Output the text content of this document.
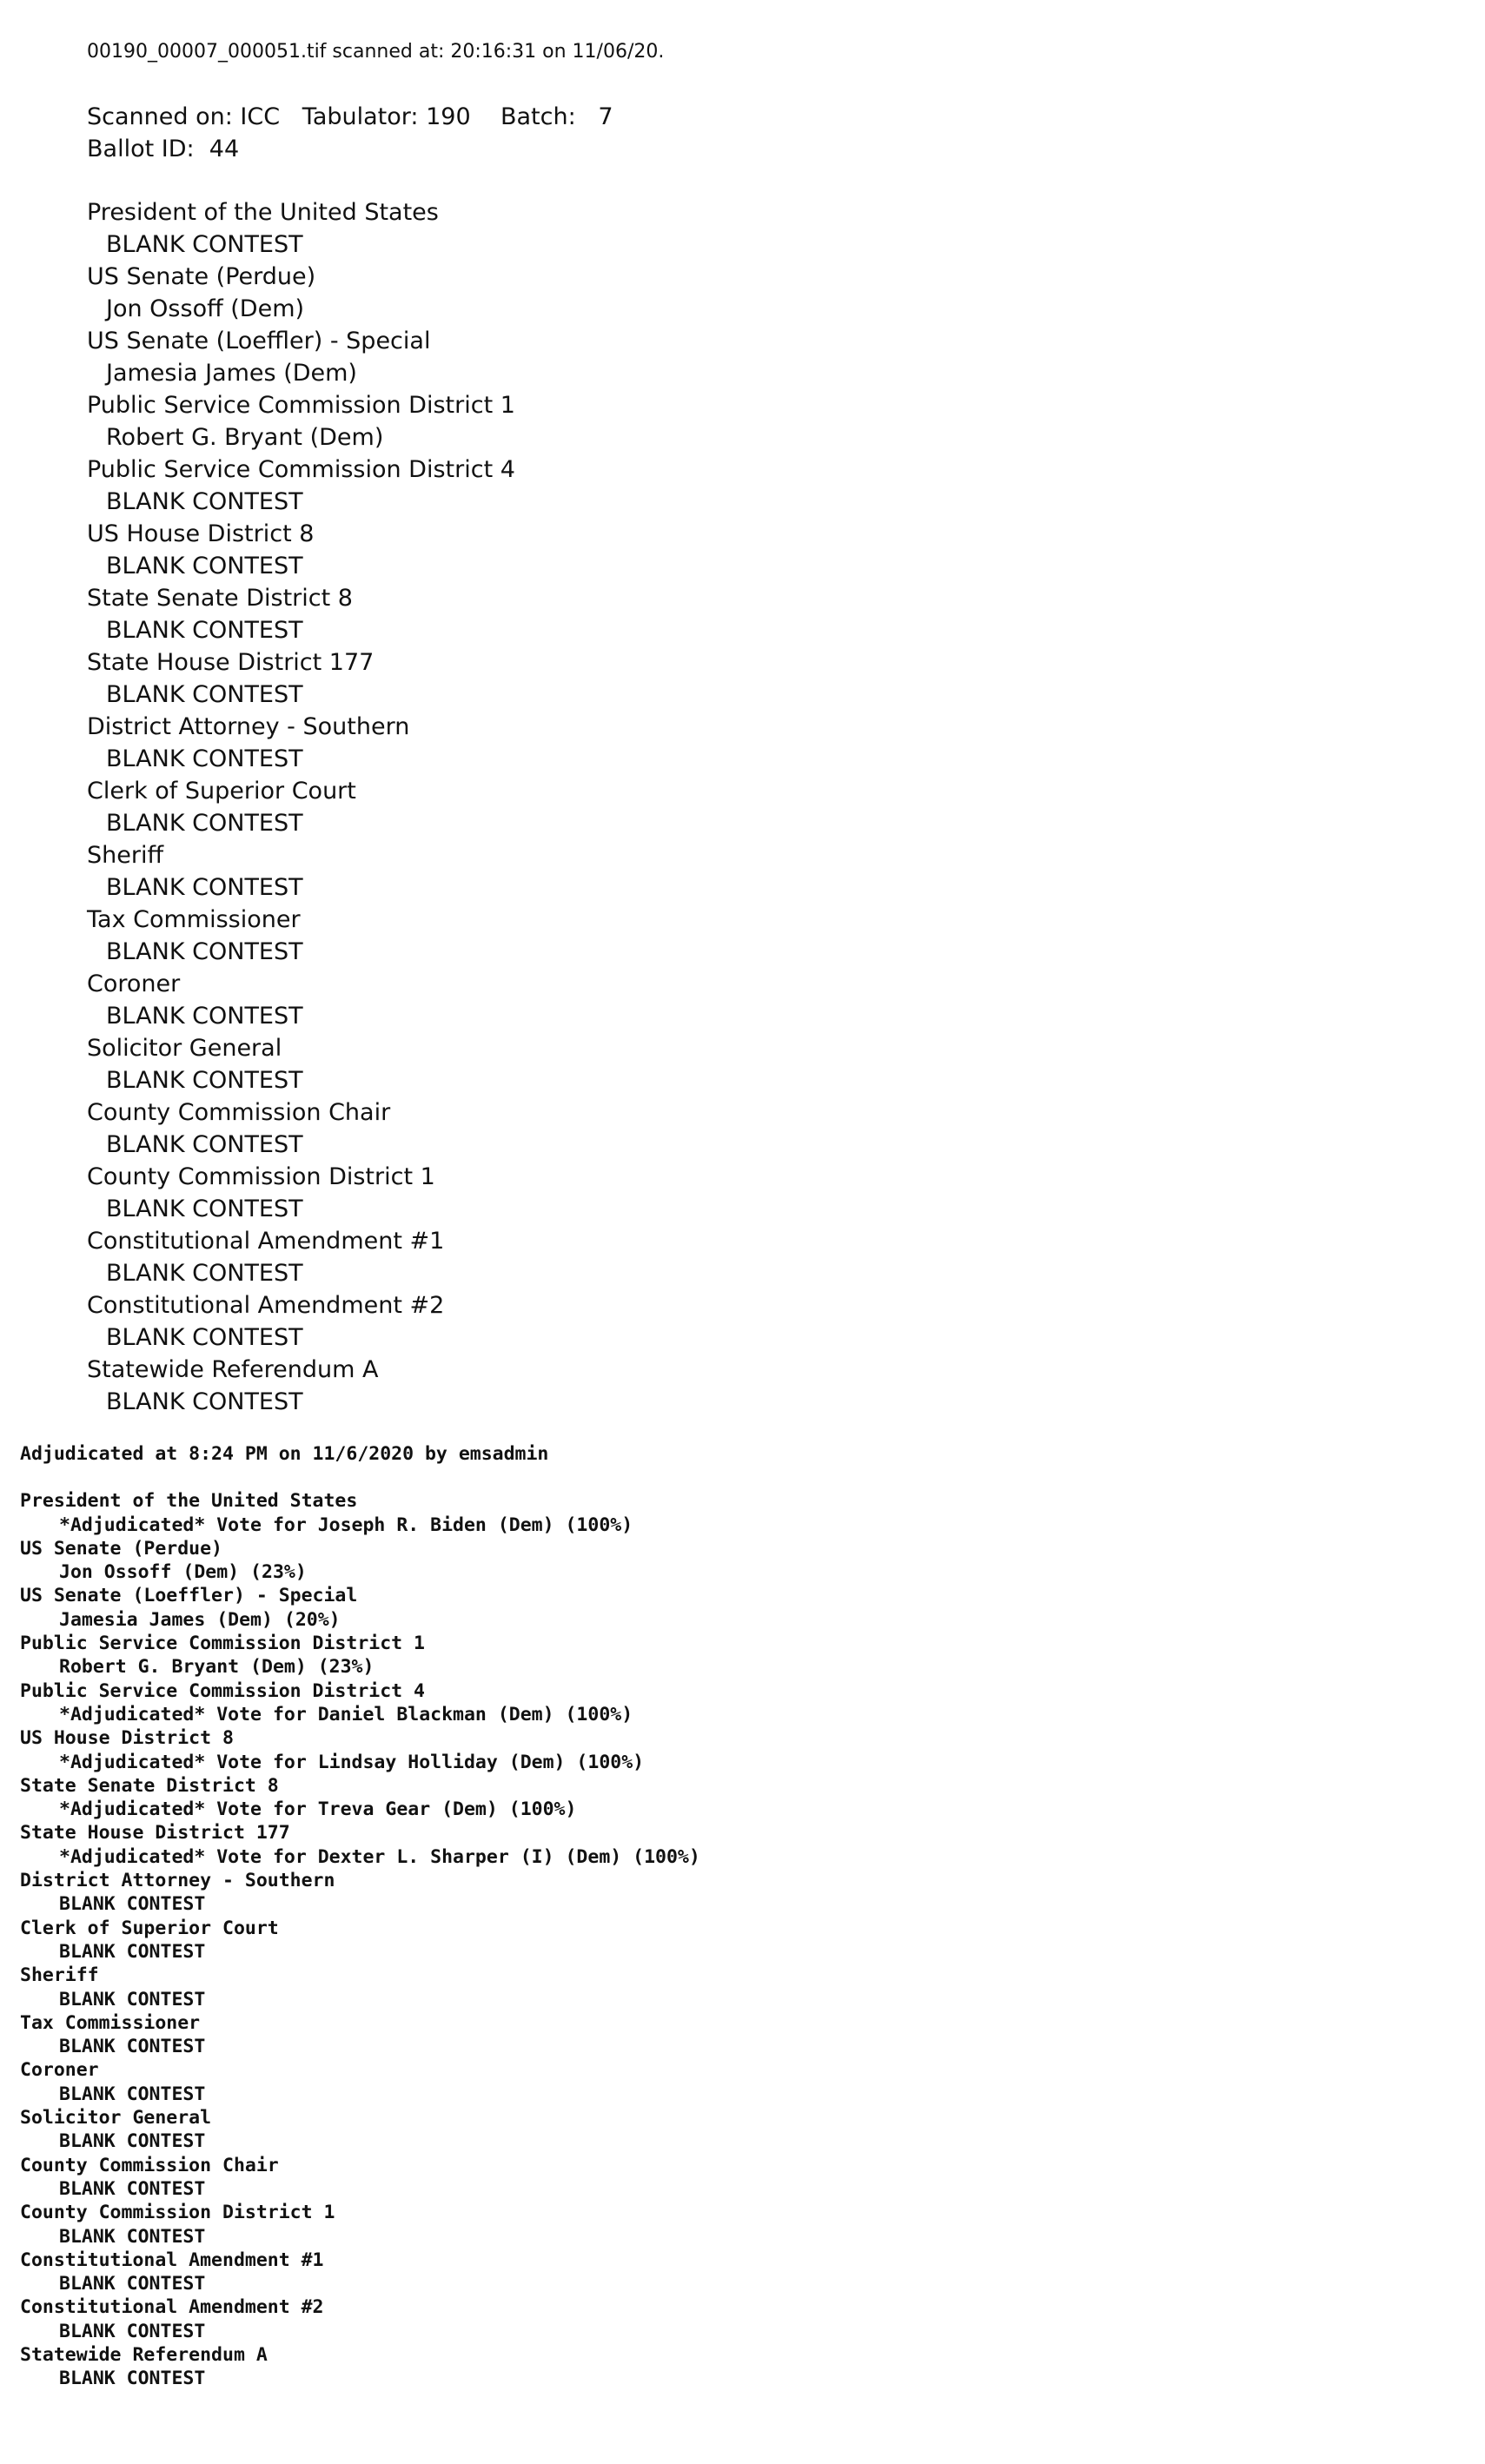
00190_00007_000051.tif scanned at: 20:16:31 on 11/06/20.
Scanned on: ICC   Tabulator: 190    Batch:   7
Ballot ID:  44
President of the United States
BLANK CONTEST
US Senate (Perdue)
Jon Ossoff (Dem)
US Senate (Loeffler) - Special
Jamesia James (Dem)
Public Service Commission District 1
Robert G. Bryant (Dem)
Public Service Commission District 4
BLANK CONTEST
US House District 8
BLANK CONTEST
State Senate District 8
BLANK CONTEST
State House District 177
BLANK CONTEST
District Attorney - Southern
BLANK CONTEST
Clerk of Superior Court
BLANK CONTEST
Sheriff
BLANK CONTEST
Tax Commissioner
BLANK CONTEST
Coroner
BLANK CONTEST
Solicitor General
BLANK CONTEST
County Commission Chair
BLANK CONTEST
County Commission District 1
BLANK CONTEST
Constitutional Amendment #1
BLANK CONTEST
Constitutional Amendment #2
BLANK CONTEST
Statewide Referendum A
BLANK CONTEST
Adjudicated at 8:24 PM on 11/6/2020 by emsadmin
President of the United States
*Adjudicated* Vote for Joseph R. Biden (Dem) (100%)
US Senate (Perdue)
Jon Ossoff (Dem) (23%)
US Senate (Loeffler) - Special
Jamesia James (Dem) (20%)
Public Service Commission District 1
Robert G. Bryant (Dem) (23%)
Public Service Commission District 4
*Adjudicated* Vote for Daniel Blackman (Dem) (100%)
US House District 8
*Adjudicated* Vote for Lindsay Holliday (Dem) (100%)
State Senate District 8
*Adjudicated* Vote for Treva Gear (Dem) (100%)
State House District 177
*Adjudicated* Vote for Dexter L. Sharper (I) (Dem) (100%)
District Attorney - Southern
BLANK CONTEST
Clerk of Superior Court
BLANK CONTEST
Sheriff
BLANK CONTEST
Tax Commissioner
BLANK CONTEST
Coroner
BLANK CONTEST
Solicitor General
BLANK CONTEST
County Commission Chair
BLANK CONTEST
County Commission District 1
BLANK CONTEST
Constitutional Amendment #1
BLANK CONTEST
Constitutional Amendment #2
BLANK CONTEST
Statewide Referendum A
BLANK CONTEST
